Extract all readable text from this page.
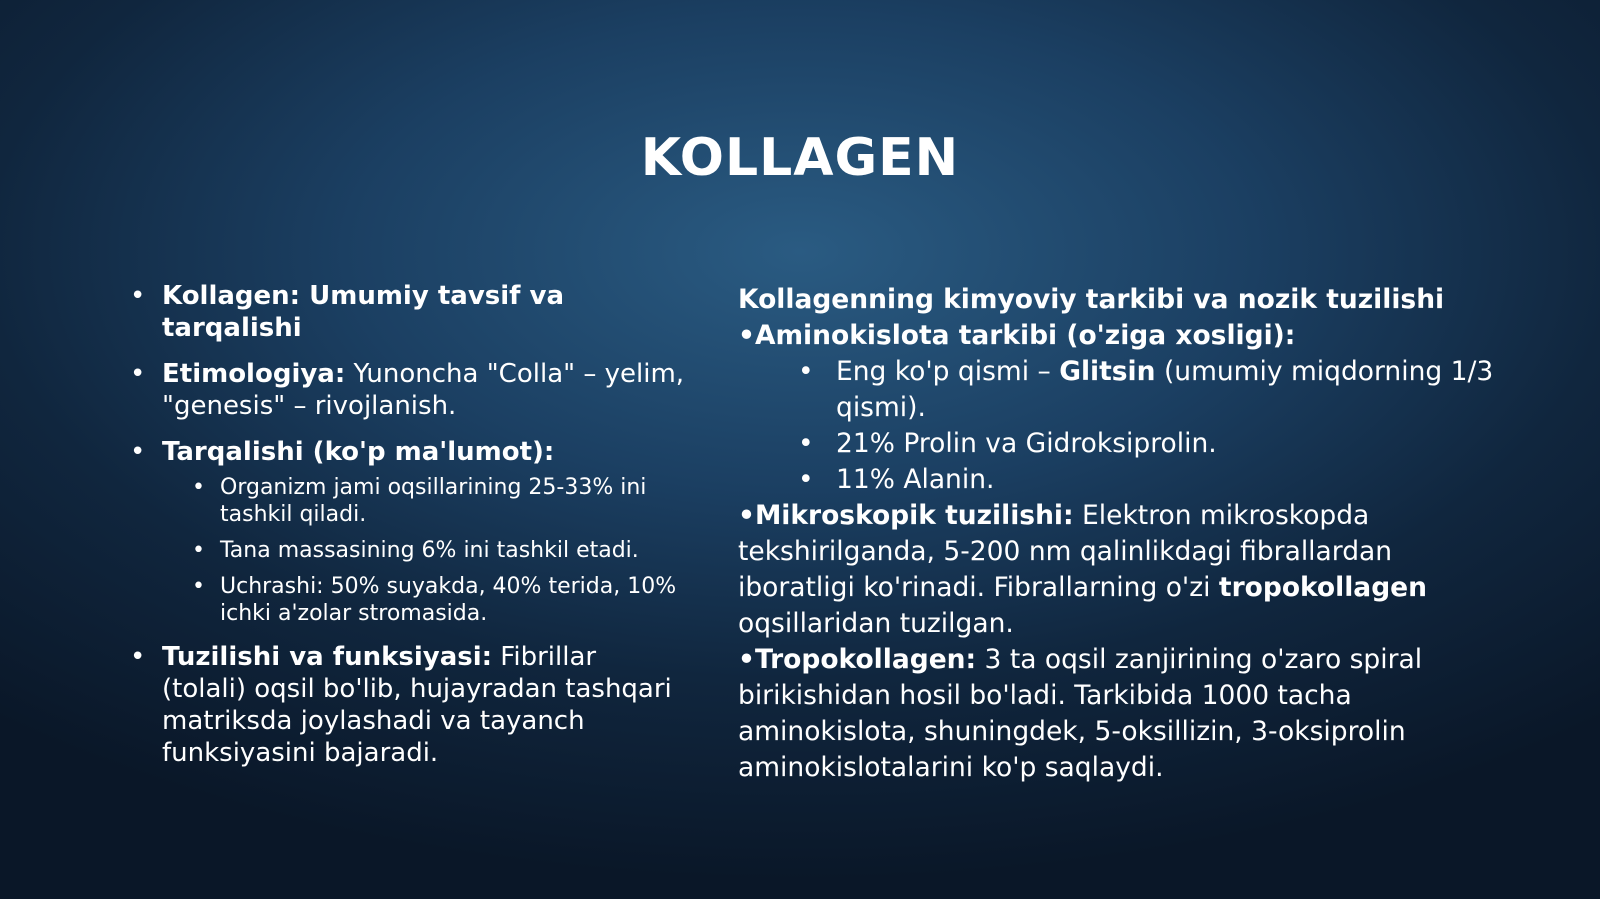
KOLLAGEN
• Kollagen: Umumiy tavsif va tarqalishi
• Etimologiya: Yunoncha "Colla" – yelim, "genesis" – rivojlanish.
• Tarqalishi (ko'p ma'lumot):
• Organizm jami oqsillarining 25-33% ini tashkil qiladi.
• Tana massasining 6% ini tashkil etadi.
• Uchrashi: 50% suyakda, 40% terida, 10% ichki a'zolar stromasida.
• Tuzilishi va funksiyasi: Fibrillar (tolali) oqsil bo'lib, hujayradan tashqari matriksda joylashadi va tayanch funksiyasini bajaradi.

Kollagenning kimyoviy tarkibi va nozik tuzilishi

•Aminokislota tarkibi (o'ziga xosligi):

• Eng ko'p qismi – Glitsin (umumiy miqdorning 1/3 qismi).
• 21% Prolin va Gidroksiprolin.
• 11% Alanin.

•Mikroskopik tuzilishi: Elektron mikroskopda tekshirilganda, 5-200 nm qalinlikdagi fibrallardan iboratligi ko'rinadi. Fibrallarning o'zi tropokollagen oqsillaridan tuzilgan.

•Tropokollagen: 3 ta oqsil zanjirining o'zaro spiral birikishidan hosil bo'ladi. Tarkibida 1000 tacha aminokislota, shuningdek, 5-oksillizin, 3-oksiprolin aminokislotalarini ko'p saqlaydi.
